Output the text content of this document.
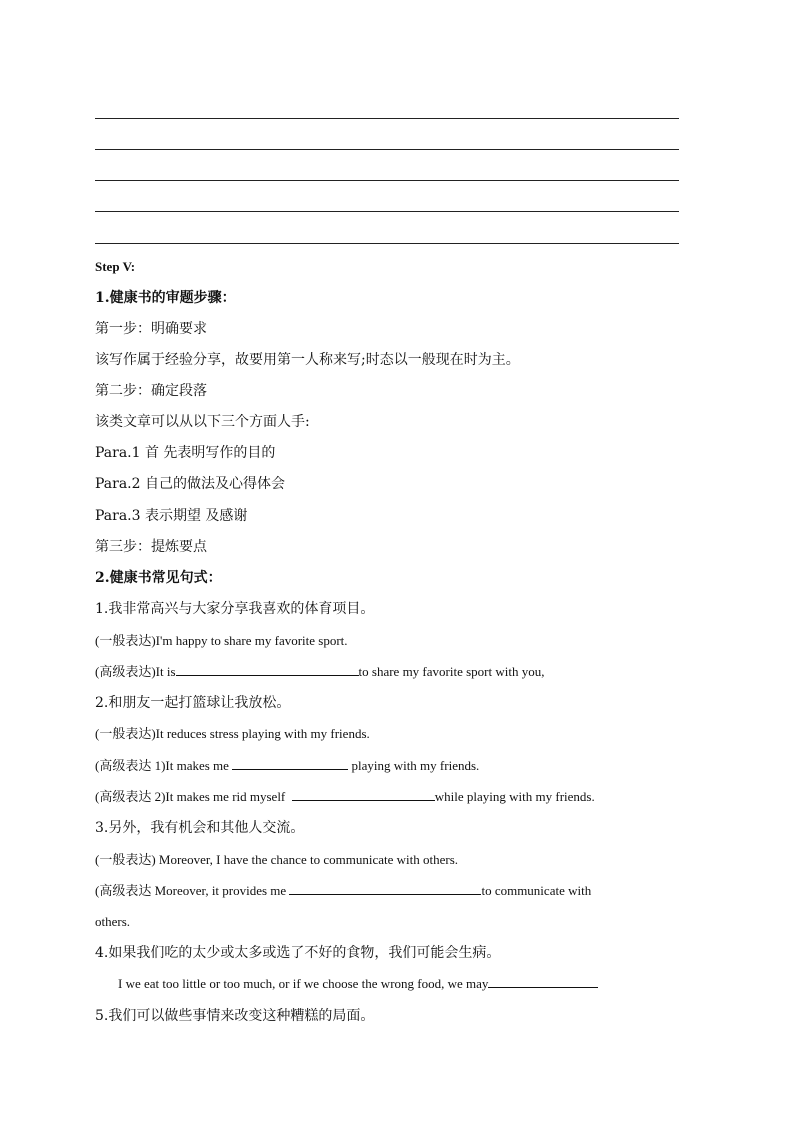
Step V:
1.健康书的审题步骤：
第一步：明确要求
该写作属于经验分享，故要用第一人称来写;时态以一般现在时为主。
第二步：确定段落
该类文章可以从以下三个方面人手:
Para.1 首 先表明写作的目的
Para.2 自己的做法及心得体会
Para.3 表示期望 及感谢
第三步：提炼要点
2.健康书常见句式：
1.我非常高兴与大家分享我喜欢的体育项目。
(一般表达)I'm happy to share my favorite sport.
(高级表达)It is	to share my favorite sport with you,
2.和朋友一起打篮球让我放松。
(一般表达)It reduces stress playing with my friends.
(高级表达 1)It makes me	playing with my friends.
(高级表达 2)It makes me rid myself	while playing with my friends.
3.另外，我有机会和其他人交流。
(一般表达) Moreover, I have the chance to communicate with others.
(高级表达 Moreover, it provides me	to communicate with
others.
4.如果我们吃的太少或太多或选了不好的食物，我们可能会生病。
I we eat too little or too much, or if we choose the wrong food, we may
5.我们可以做些事情来改变这种糟糕的局面。
